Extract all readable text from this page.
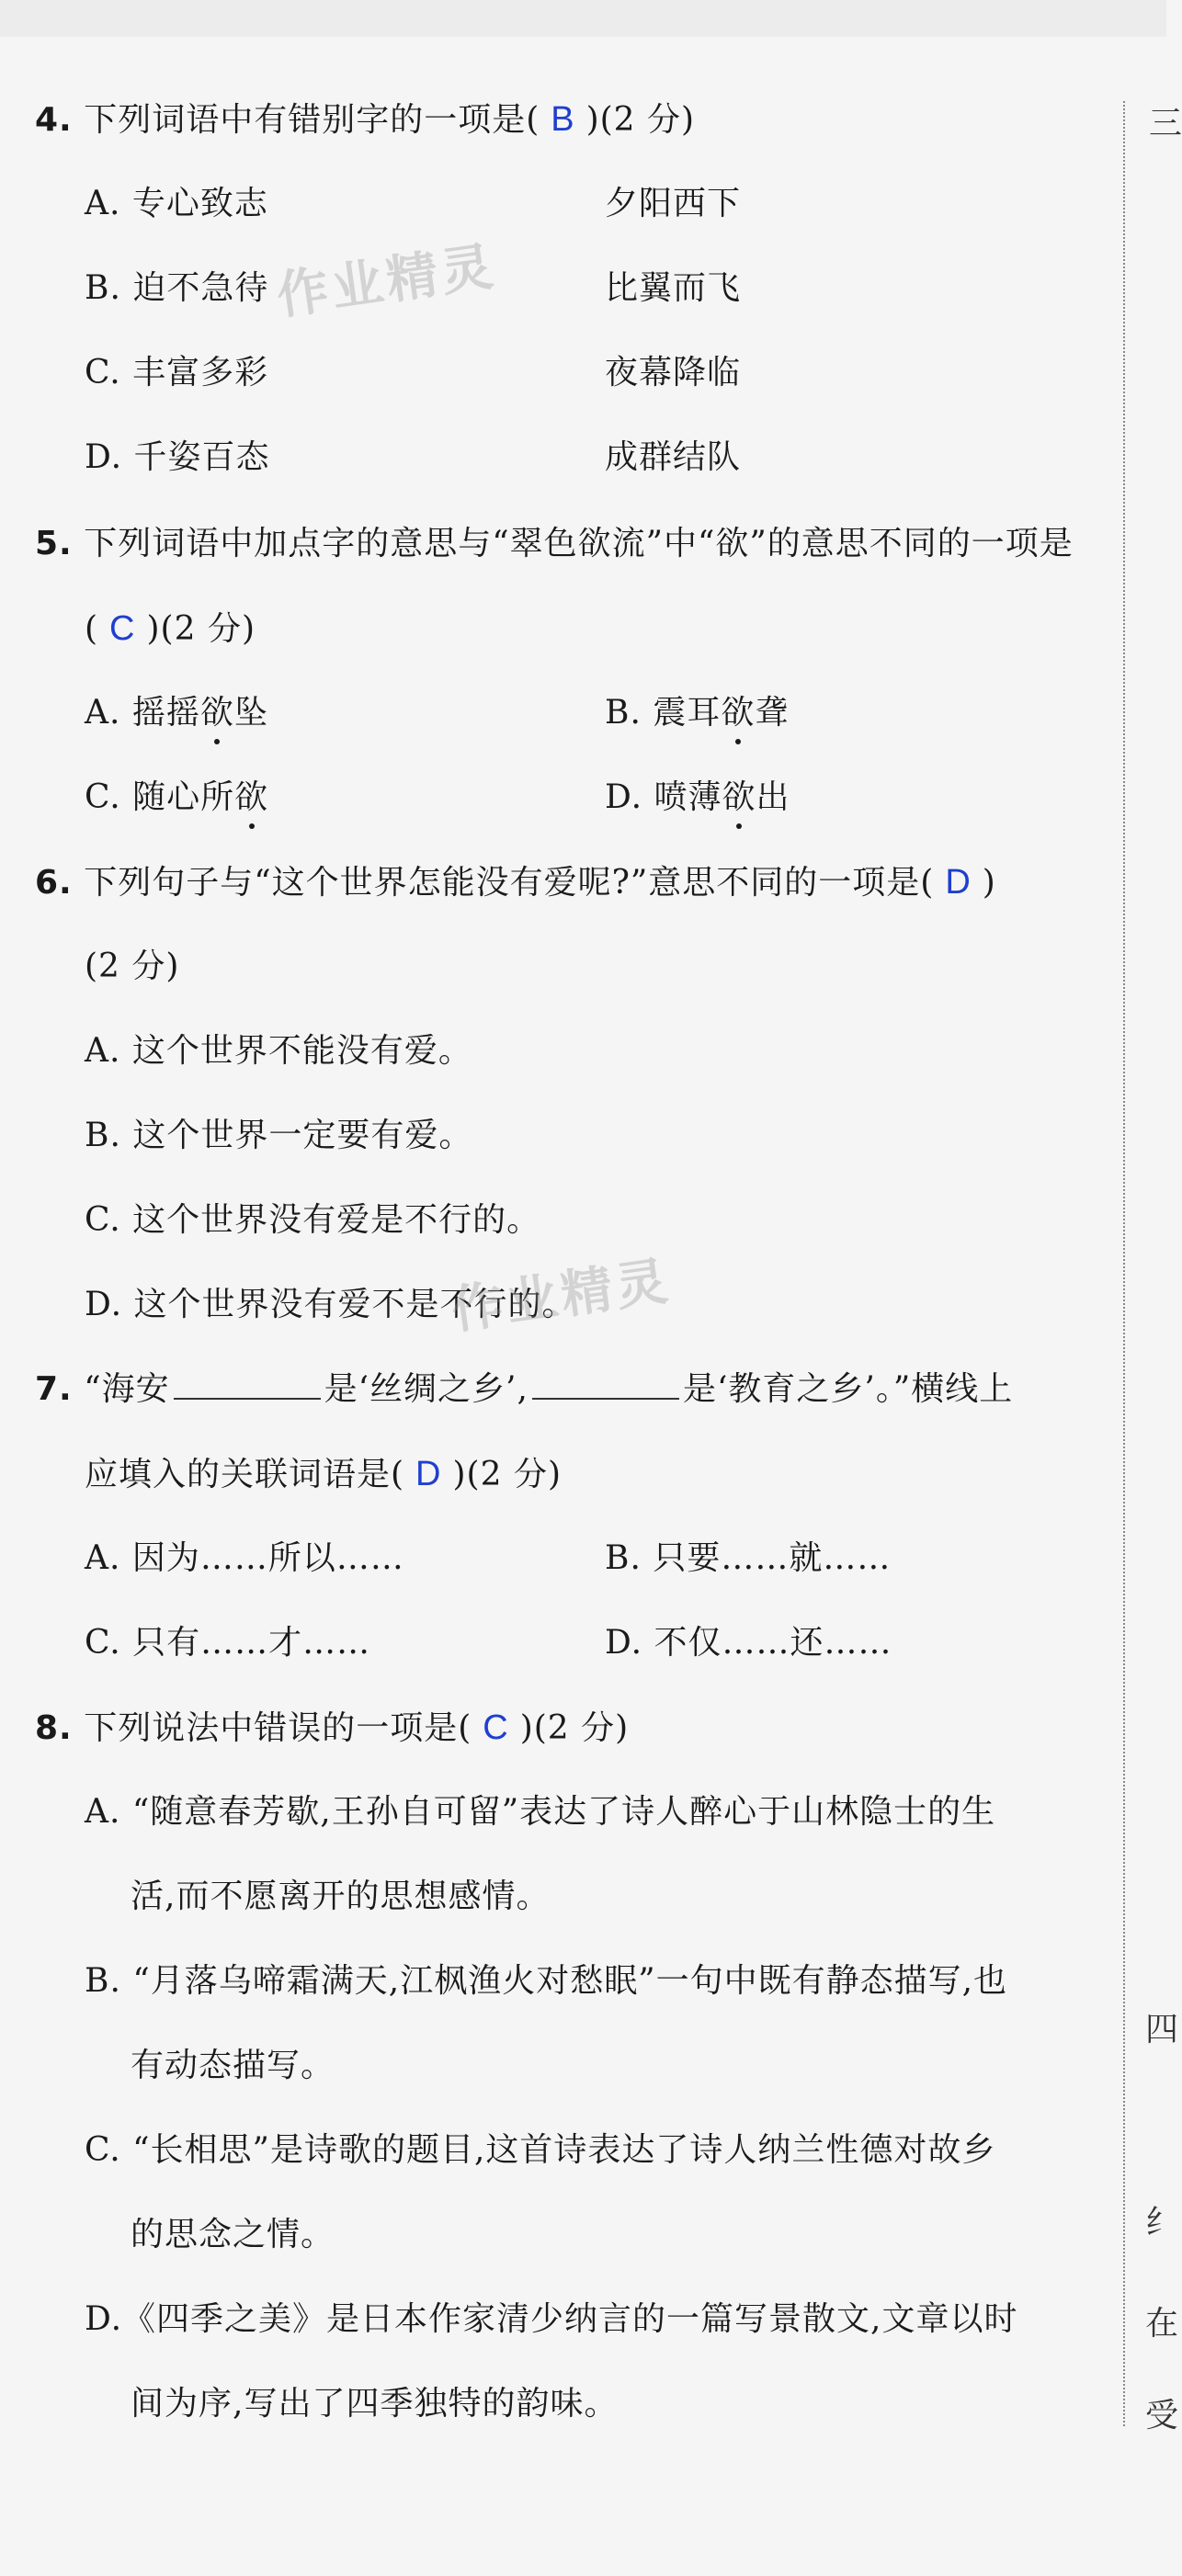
4. 下列词语中有错别字的一项是( B )(2 分)
A. 专心致志	夕阳西下
B. 迫不急待	比翼而飞
C. 丰富多彩	夜幕降临
D. 千姿百态	成群结队
5. 下列词语中加点字的意思与“翠色欲流”中“欲”的意思不同的一项是
( C )(2 分)
A. 摇摇欲坠	B. 震耳欲聋
C. 随心所欲	D. 喷薄欲出
6. 下列句子与“这个世界怎能没有爱呢?”意思不同的一项是( D )
(2 分)
A. 这个世界不能没有爱。
B. 这个世界一定要有爱。
C. 这个世界没有爱是不行的。
D. 这个世界没有爱不是不行的。
7. “海安	是‘丝绸之乡’,	是‘教育之乡’。”横线上
应填入的关联词语是( D )(2 分)
A. 因为……所以……	B. 只要……就……
C. 只有……才……	D. 不仅……还……
8. 下列说法中错误的一项是( C )(2 分)
A. “随意春芳歇,王孙自可留”表达了诗人醉心于山林隐士的生
活,而不愿离开的思想感情。
B. “月落乌啼霜满天,江枫渔火对愁眠”一句中既有静态描写,也
有动态描写。
C. “长相思”是诗歌的题目,这首诗表达了诗人纳兰性德对故乡
的思念之情。
D.《四季之美》是日本作家清少纳言的一篇写景散文,文章以时
间为序,写出了四季独特的韵味。
作业精灵
作业精灵
三
四
纟
在
受
